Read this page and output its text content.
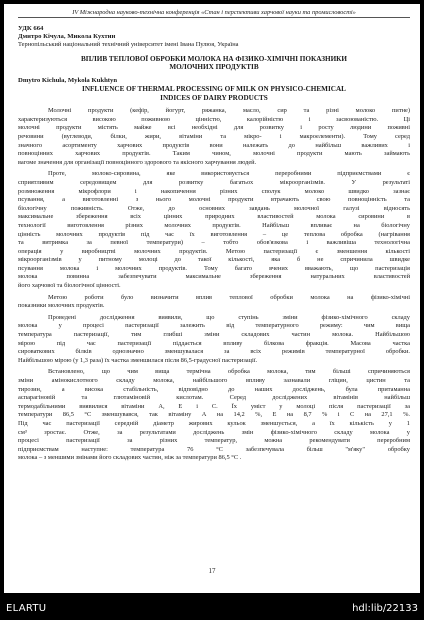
IV Міжнародна науково-технічна конференція «Стан і перспективи харчової науки та промисловості»
УДК 664
Дмитро Кічула, Микола Кухтин
Тернопільський національний технічний університет імені Івана Пулюя, Україна
ВПЛИВ ТЕПЛОВОЇ ОБРОБКИ МОЛОКА НА ФІЗИКО-ХІМІЧНІ ПОКАЗНИКИ
МОЛОЧНИХ ПРОДУКТІВ
Dmytro Kichula, Mykola Kukhtyn
INFLUENCE OF THERMAL PROCESSING OF MILK ON PHYSICO-CHEMICAL
INDICES OF DAIRY PRODUCTS
Молочні продукти (кефір, йогурт, ряжанка, масло, сир та різні молоко питне)
характеризуються високою поживною цінністю, калорійністю і засвоюваністю. Ці
молочні продукти містять майже всі необхідні для розвитку і росту людини поживні
речовини (вуглеводи, білки, жири, вітаміни та мікро- і макроелементи). Тому серед
значного асортименту харчових продуктів вони належать до найбільш важливих і
повноцінних харчових продуктів. Таким чином, молочні продукти мають займають
вагоме значення для організації повноцінного здорового та якісного харчування людей.
Проте, молоко-сировина, яке використовується переробними підприємствами є
сприятливим середовищем для розвитку багатьох мікроорганізмів. У результаті
розмноження мікрофлори і накопичення різних сполук молоко швидко зазнає
псування, а виготовленні з нього молочні продукти втрачають свою повноцінність та
біологічну поживність. Отже, до основних завдань молочної галузі відносять
максимальне збереження всіх цінних природних властивостей молока сировини в
технології виготовлення різних молочних продуктів. Найбільш впливає на біологічну
цінність молочних продуктів під час їх виготовлення – це теплова обробка (нагрівання
та витримка за певної температури) – тобто обов'язкова і важливіша технологічна
операція у виробництві молочних продуктів. Метою пастеризації є зменшення кількості
мікроорганізмів у питному молоці до такої кількості, яка б не спричинила швидке
псування молока і молочних продуктів. Тому багато вчених вважають, що пастеризація
молока повинна забезпечувати максимальне збереження натуральних властивостей
його харчової та біологічної цінності.
Метою роботи було визначити вплив теплової обробки молока на фізико-хімічні
показники молочних продуктів.
Проведені дослідження виявили, що ступінь зміни фізико-хімічного складу
молока у процесі пастеризації залежить від температурного режиму: чим вища
температура пастеризації, тим глибші зміни складових частин молока. Найбільшою
мірою під час пастеризації піддається впливу білкова фракція. Масова частка
сироваткових білків однозначно зменшувалася за всіх режимів температурної обробки.
Найбільшою мірою (у 1,3 раза) їх частка зменшилася після 86,5-градусної пастеризації.
Встановлено, що чим вища термічна обробка молока, тим більші спричиняються
зміни амінокислотного складу молока, найбільшого впливу зазнавали гліцин, цистин та
тирозин, а висока стабільність, відповідно до наших досліджень, була притаманна
аспарагіновій та глютаміновій кислотам. Серед досліджених вітамінів найбільш
термодабільними виявилися вітаміни А, Е і С. Їх уміст у молоці після пастеризації за
температури 86,5 °С зменшувався, так вітаміну А на 14,2 %, Е на 8,7 % і С на 27,1 %.
Під час пастеризації середній діаметр жирових кульок зменшується, а їх кількість у 1
см³ зростає. Отже, за результатами досліджень змін фізико-хімічного складу молока у
процесі пастеризації за різних температур, можна рекомендувати переробним
підприємствам наступне: температура 76 °С забезпечувала більш "м'яку" обробку
молока – з меншими змінами його складових частин, ніж за температури 86,5 °С .
17
ELARTU	hdl:lib/22133
